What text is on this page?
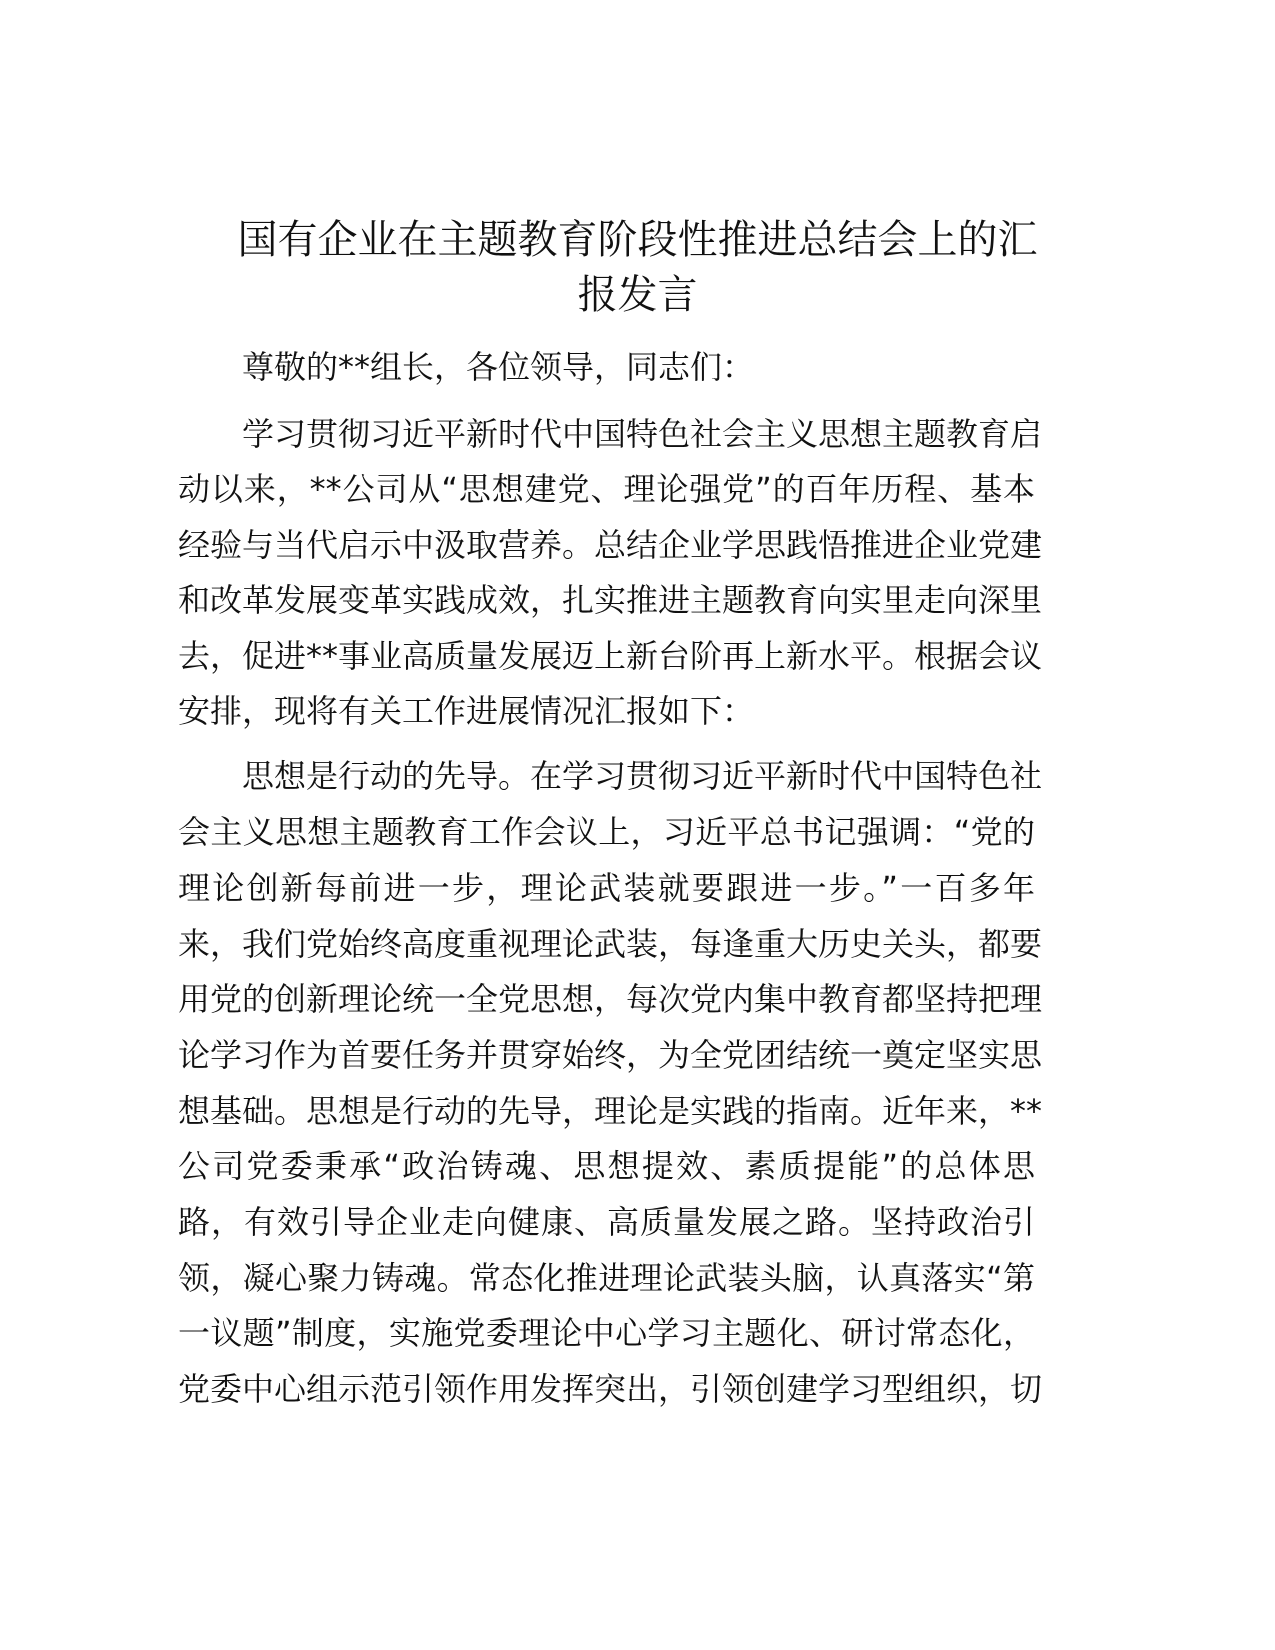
国有企业在主题教育阶段性推进总结会上的汇
报发言
尊敬的**组长，各位领导，同志们：
学习贯彻习近平新时代中国特色社会主义思想主题教育启
动以来，**公司从“思想建党、理论强党”的百年历程、基本
经验与当代启示中汲取营养。总结企业学思践悟推进企业党建
和改革发展变革实践成效，扎实推进主题教育向实里走向深里
去，促进**事业高质量发展迈上新台阶再上新水平。根据会议
安排，现将有关工作进展情况汇报如下：
思想是行动的先导。在学习贯彻习近平新时代中国特色社
会主义思想主题教育工作会议上，习近平总书记强调：“党的
理论创新每前进一步，理论武装就要跟进一步。”一百多年
来，我们党始终高度重视理论武装，每逢重大历史关头，都要
用党的创新理论统一全党思想，每次党内集中教育都坚持把理
论学习作为首要任务并贯穿始终，为全党团结统一奠定坚实思
想基础。思想是行动的先导，理论是实践的指南。近年来，**
公司党委秉承“政治铸魂、思想提效、素质提能”的总体思
路，有效引导企业走向健康、高质量发展之路。坚持政治引
领，凝心聚力铸魂。常态化推进理论武装头脑，认真落实“第
一议题”制度，实施党委理论中心学习主题化、研讨常态化，
党委中心组示范引领作用发挥突出，引领创建学习型组织，切
